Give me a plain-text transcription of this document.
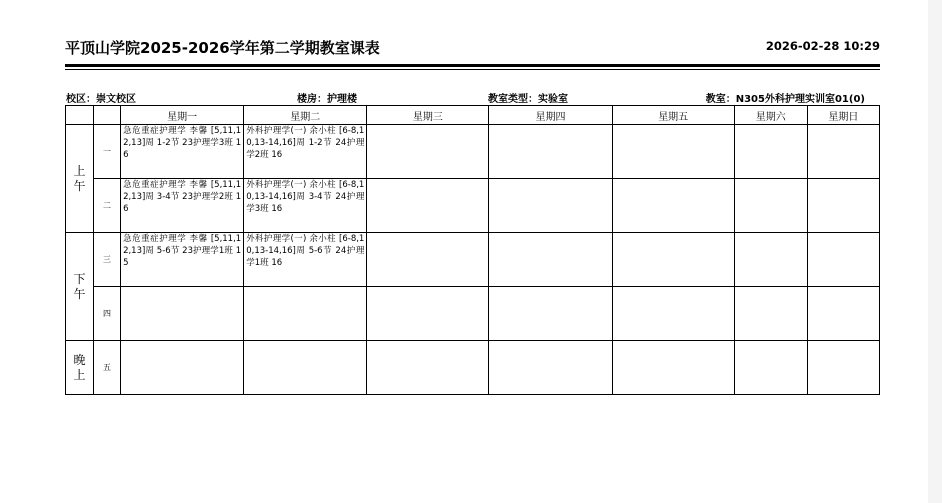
平顶山学院2025-2026学年第二学期教室课表	2026-02-28 10:29
校区：崇文校区	楼房：护理楼	教室类型：实验室	教室：N305外科护理实训室01(0)
		星期一	星期二	星期三	星期四	星期五	星期六	星期日
上
午	一	急危重症护理学 李馨 [5,11,12,13]周 1-2节 23护理学3班 16	外科护理学(一) 余小柱 [6-8,10,13-14,16]周 1-2节 24护理学2班 16					

	二	急危重症护理学 李馨 [5,11,12,13]周 3-4节 23护理学2班 16	外科护理学(一) 余小柱 [6-8,10,13-14,16]周 3-4节 24护理学3班 16					

下
午	三	急危重症护理学 李馨 [5,11,12,13]周 5-6节 23护理学1班 15	外科护理学(一) 余小柱 [6-8,10,13-14,16]周 5-6节 24护理学1班 16					

	四							
晚
上	五							
